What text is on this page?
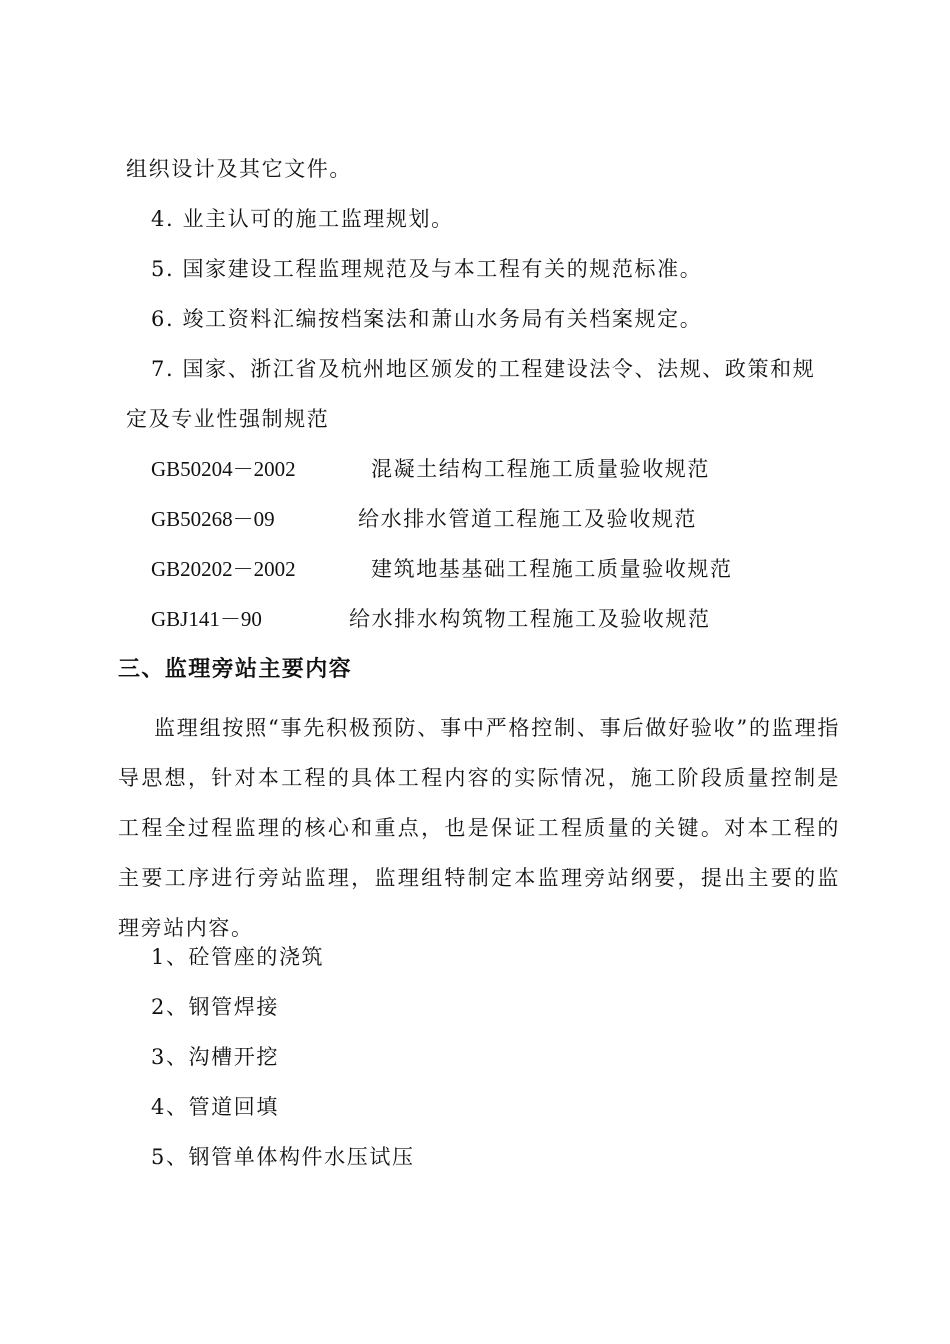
组织设计及其它文件。

4. 业主认可的施工监理规划。

5. 国家建设工程监理规范及与本工程有关的规范标准。

6. 竣工资料汇编按档案法和萧山水务局有关档案规定。

7. 国家、浙江省及杭州地区颁发的工程建设法令、法规、政策和规

定及专业性强制规范

GB50204－2002	混凝土结构工程施工质量验收规范
GB50268－09	给水排水管道工程施工及验收规范
GB20202－2002	建筑地基基础工程施工质量验收规范
GBJ141－90	给水排水构筑物工程施工及验收规范
三、监理旁站主要内容

监理组按照“事先积极预防、事中严格控制、事后做好验收”的监理指导思想，针对本工程的具体工程内容的实际情况，施工阶段质量控制是工程全过程监理的核心和重点，也是保证工程质量的关键。对本工程的主要工序进行旁站监理，监理组特制定本监理旁站纲要，提出主要的监理旁站内容。

1、砼管座的浇筑

2、钢管焊接

3、沟槽开挖

4、管道回填

5、钢管单体构件水压试压
